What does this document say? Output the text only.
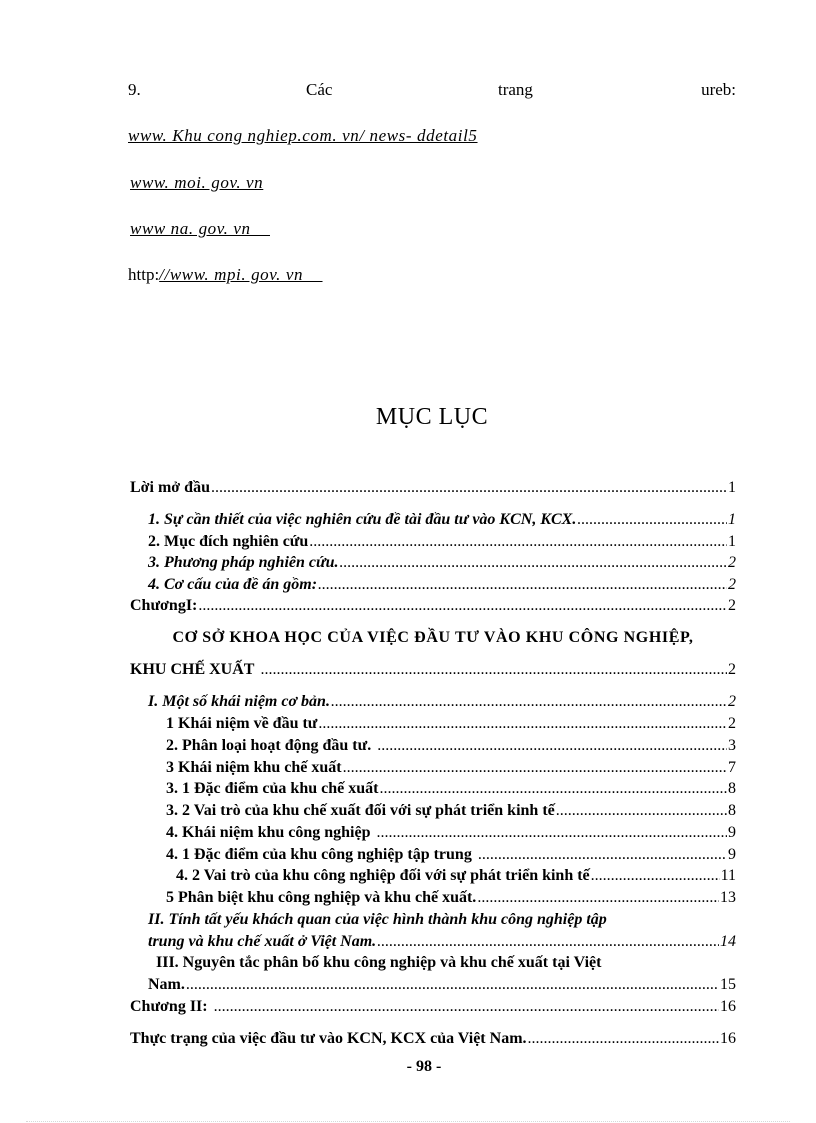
9.	Các	trang	ureb:
www. Khu cong nghiep.com. vn/ news- ddetail5
www. moi. gov. vn
www na. gov. vn
http://www. mpi. gov. vn
MỤC LỤC
Lời mở đầu .....	1
1. Sự cần thiết của việc nghiên cứu đề tài đầu tư vào KCN, KCX. .....	1
2. Mục đích nghiên cứu .....	1
3. Phương pháp nghiên cứu. .....	2
4. Cơ cấu của đề án gồm: .....	2
ChươngI: .....	2
CƠ SỞ KHOA HỌC CỦA VIỆC ĐẦU TƯ VÀO KHU CÔNG NGHIỆP,
KHU CHẾ XUẤT .....	2
I. Một số khái niệm cơ bản. .....	2
1 Khái niệm về đầu tư .....	2
2. Phân loại hoạt động đầu tư. .....	3
3 Khái niệm khu chế xuất .....	7
3. 1 Đặc điểm của khu chế xuất .....	8
3. 2 Vai trò của khu chế xuất đối với sự phát triển kinh tế .....	8
4. Khái niệm khu công nghiệp .....	9
4. 1 Đặc điểm của khu công nghiệp tập trung .....	9
4. 2 Vai trò của khu công nghiệp đối với sự phát triển kinh tế .....	11
5 Phân biệt khu công nghiệp và khu chế xuất. .....	13
II. Tính tất yếu khách quan của việc hình thành khu công nghiệp tập
trung và khu chế xuất ở Việt Nam. .....	14
III. Nguyên tắc phân bố khu công nghiệp và khu chế xuất tại Việt
Nam. .....	15
Chương II: .....	16
Thực trạng của việc đầu tư vào KCN, KCX của Việt Nam. .....	16
- 98 -
